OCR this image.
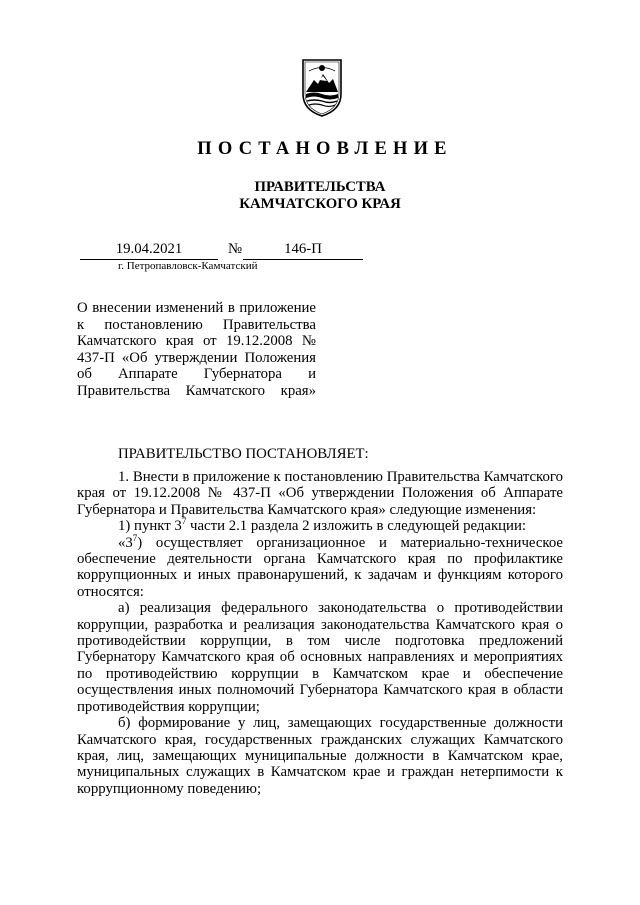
ПОСТАНОВЛЕНИЕ
ПРАВИТЕЛЬСТВА
КАМЧАТСКОГО КРАЯ
19.04.2021	№	146-П
г. Петропавловск-Камчатский
О внесении изменений в приложение к постановлению Правительства Камчатского края от 19.12.2008 № 437-П «Об утверждении Положения об Аппарате Губернатора и Правительства Камчатского края»
ПРАВИТЕЛЬСТВО ПОСТАНОВЛЯЕТ:

1. Внести в приложение к постановлению Правительства Камчатского края от 19.12.2008 № 437-П «Об утверждении Положения об Аппарате Губернатора и Правительства Камчатского края» следующие изменения:

1) пункт $3^7$ части 2.1 раздела 2 изложить в следующей редакции:

«$3^7$) осуществляет организационное и материально-техническое обеспечение деятельности органа Камчатского края по профилактике коррупционных и иных правонарушений, к задачам и функциям которого относятся:

а) реализация федерального законодательства о противодействии коррупции, разработка и реализация законодательства Камчатского края о противодействии коррупции, в том числе подготовка предложений Губернатору Камчатского края об основных направлениях и мероприятиях по противодействию коррупции в Камчатском крае и обеспечение осуществления иных полномочий Губернатора Камчатского края в области противодействия коррупции;

б) формирование у лиц, замещающих государственные должности Камчатского края, государственных гражданских служащих Камчатского края, лиц, замещающих муниципальные должности в Камчатском крае, муниципальных служащих в Камчатском крае и граждан нетерпимости к коррупционному поведению;
